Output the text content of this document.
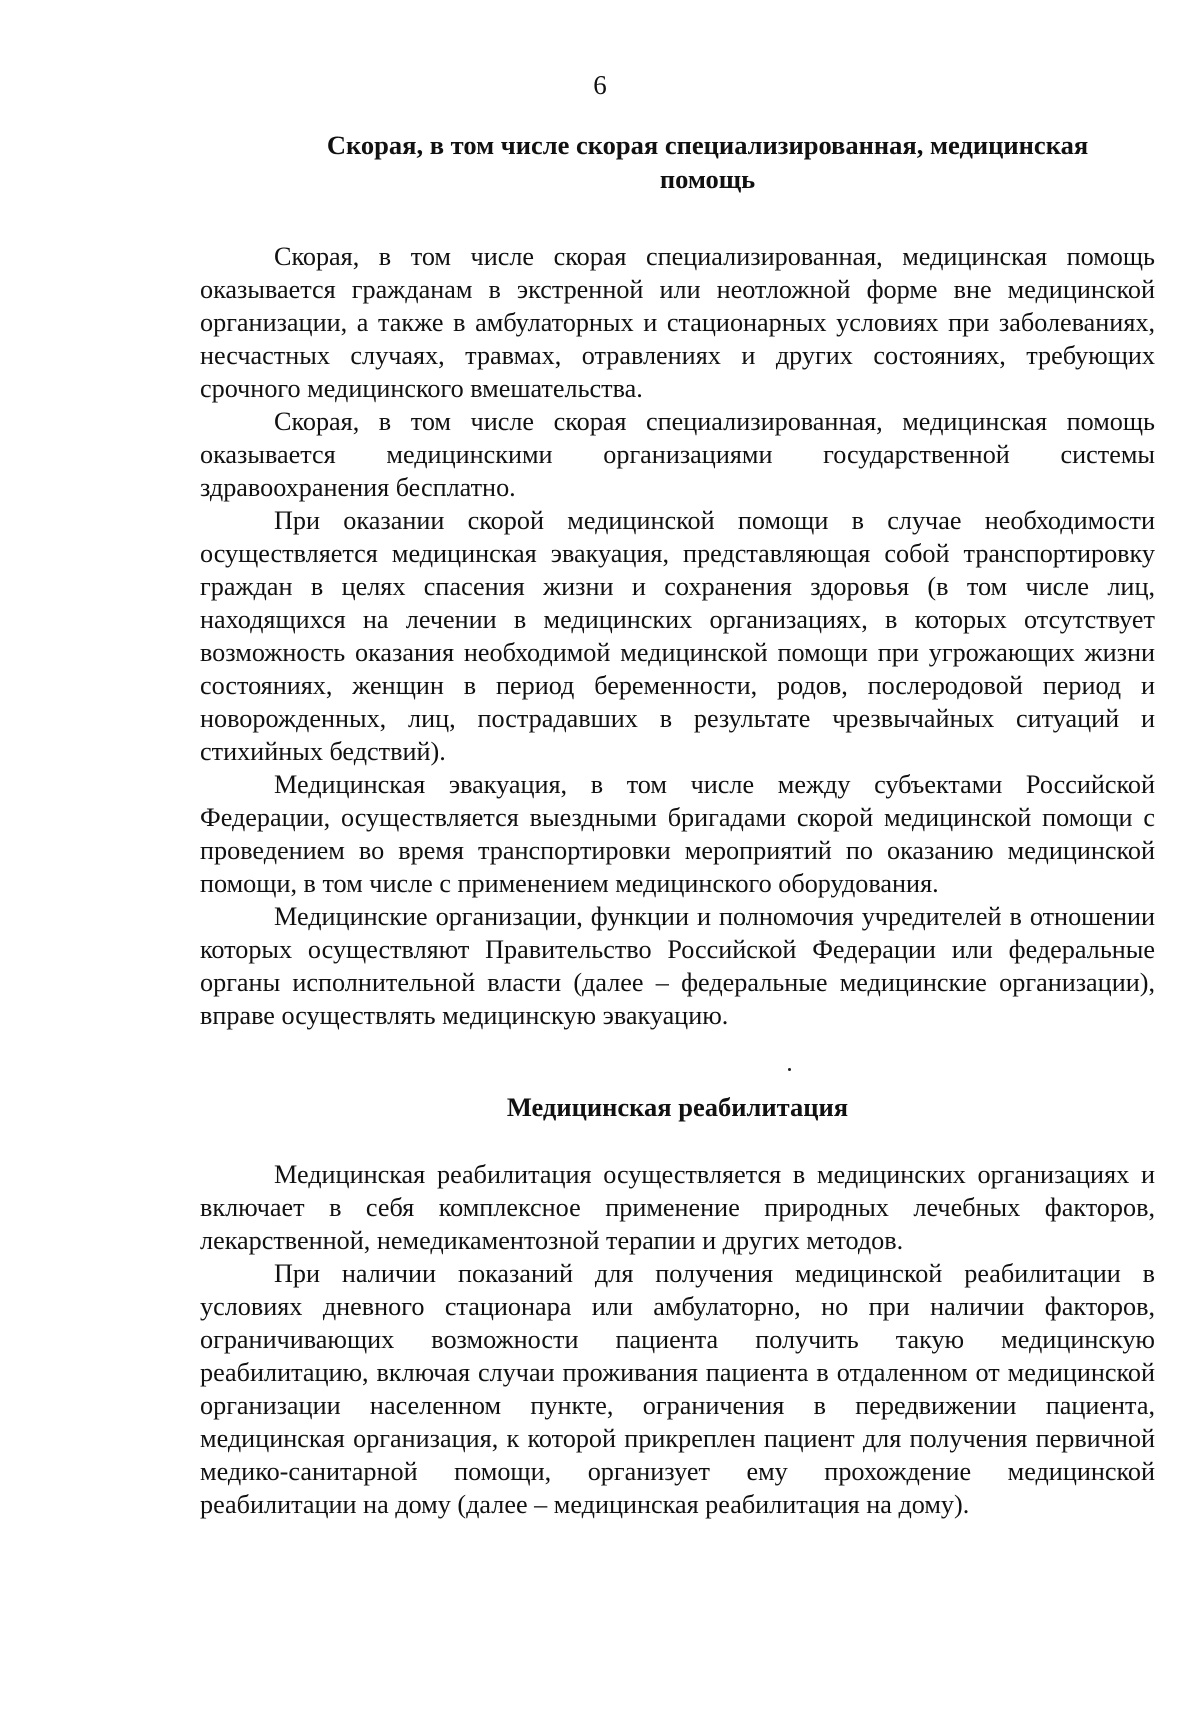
6
Скорая, в том числе скорая специализированная, медицинская
помощь

Скорая, в том числе скорая специализированная, медицинская помощь оказывается гражданам в экстренной или неотложной форме вне медицинской организации, а также в амбулаторных и стационарных условиях при заболеваниях, несчастных случаях, травмах, отравлениях и других состояниях, требующих срочного медицинского вмешательства.

Скорая, в том числе скорая специализированная, медицинская помощь оказывается медицинскими организациями государственной системы здравоохранения бесплатно.

При оказании скорой медицинской помощи в случае необходимости осуществляется медицинская эвакуация, представляющая собой транспортировку граждан в целях спасения жизни и сохранения здоровья (в том числе лиц, находящихся на лечении в медицинских организациях, в которых отсутствует возможность оказания необходимой медицинской помощи при угрожающих жизни состояниях, женщин в период беременности, родов, послеродовой период и новорожденных, лиц, пострадавших в результате чрезвычайных ситуаций и стихийных бедствий).

Медицинская эвакуация, в том числе между субъектами Российской Федерации, осуществляется выездными бригадами скорой медицинской помощи с проведением во время транспортировки мероприятий по оказанию медицинской помощи, в том числе с применением медицинского оборудования.

Медицинские организации, функции и полномочия учредителей в отношении которых осуществляют Правительство Российской Федерации или федеральные органы исполнительной власти (далее – федеральные медицинские организации), вправе осуществлять медицинскую эвакуацию.

Медицинская реабилитация

Медицинская реабилитация осуществляется в медицинских организациях и включает в себя комплексное применение природных лечебных факторов, лекарственной, немедикаментозной терапии и других методов.

При наличии показаний для получения медицинской реабилитации в условиях дневного стационара или амбулаторно, но при наличии факторов, ограничивающих возможности пациента получить такую медицинскую реабилитацию, включая случаи проживания пациента в отдаленном от медицинской организации населенном пункте, ограничения в передвижении пациента, медицинская организация, к которой прикреплен пациент для получения первичной медико-санитарной помощи, организует ему прохождение медицинской реабилитации на дому (далее – медицинская реабилитация на дому).
